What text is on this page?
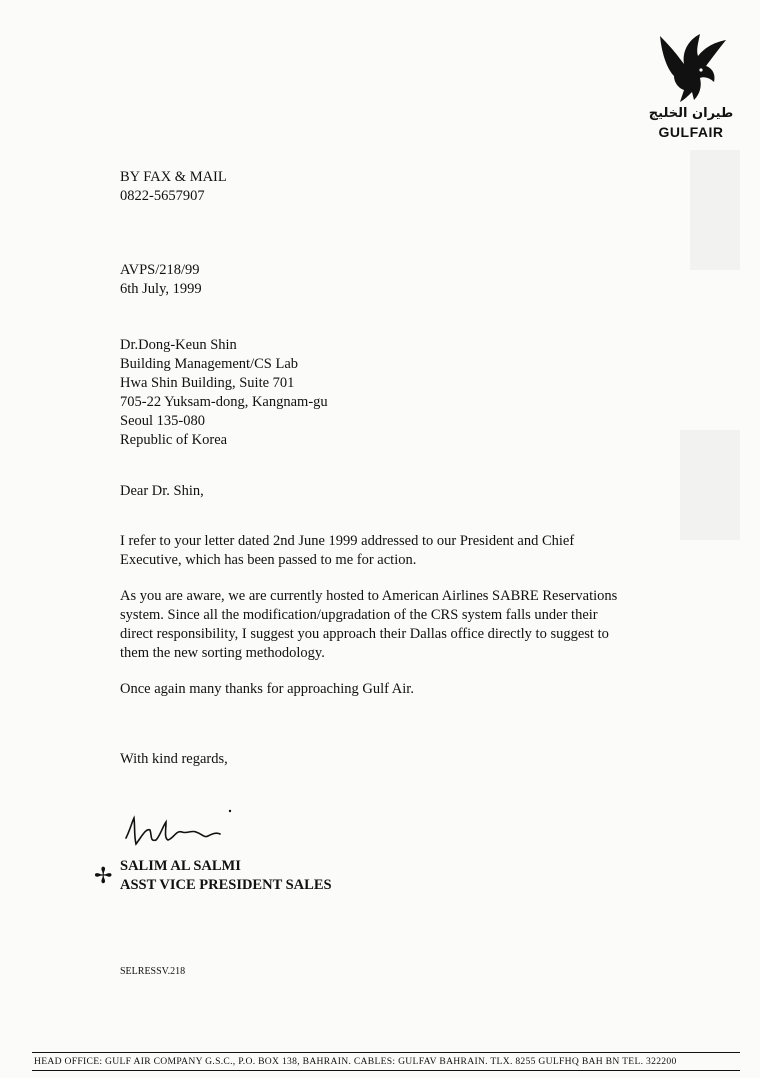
طيران الخليج
GULFAIR
BY FAX & MAIL
0822-5657907
AVPS/218/99
6th July, 1999
Dr.Dong-Keun Shin
Building Management/CS Lab
Hwa Shin Building, Suite 701
705-22 Yuksam-dong, Kangnam-gu
Seoul 135-080
Republic of Korea
Dear Dr. Shin,
I refer to your letter dated 2nd June 1999 addressed to our President and Chief
Executive, which has been passed to me for action.
As you are aware, we are currently hosted to American Airlines SABRE Reservations
system. Since all the modification/upgradation of the CRS system falls under their
direct responsibility, I suggest you approach their Dallas office directly to suggest to
them the new sorting methodology.
Once again many thanks for approaching Gulf Air.
With kind regards,
✢ SALIM AL SALMI
ASST VICE PRESIDENT SALES
SELRESSV.218
HEAD OFFICE: GULF AIR COMPANY G.S.C., P.O. BOX 138, BAHRAIN. CABLES: GULFAV BAHRAIN. TLX. 8255 GULFHQ BAH BN TEL. 322200
